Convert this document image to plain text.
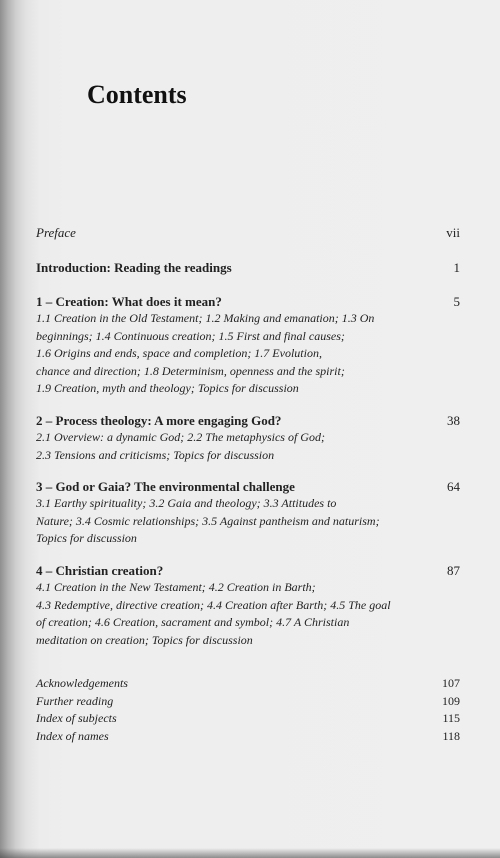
Contents
Preface	vii
Introduction: Reading the readings	1
1 – Creation: What does it mean?	5

1.1 Creation in the Old Testament; 1.2 Making and emanation; 1.3 On

beginnings; 1.4 Continuous creation; 1.5 First and final causes;

1.6 Origins and ends, space and completion; 1.7 Evolution,

chance and direction; 1.8 Determinism, openness and the spirit;

1.9 Creation, myth and theology; Topics for discussion

2 – Process theology: A more engaging God?	38

2.1 Overview: a dynamic God; 2.2 The metaphysics of God;

2.3 Tensions and criticisms; Topics for discussion

3 – God or Gaia? The environmental challenge	64

3.1 Earthy spirituality; 3.2 Gaia and theology; 3.3 Attitudes to

Nature; 3.4 Cosmic relationships; 3.5 Against pantheism and naturism;

Topics for discussion

4 – Christian creation?	87

4.1 Creation in the New Testament; 4.2 Creation in Barth;

4.3 Redemptive, directive creation; 4.4 Creation after Barth; 4.5 The goal

of creation; 4.6 Creation, sacrament and symbol; 4.7 A Christian

meditation on creation; Topics for discussion

Acknowledgements	107
Further reading	109
Index of subjects	115
Index of names	118
